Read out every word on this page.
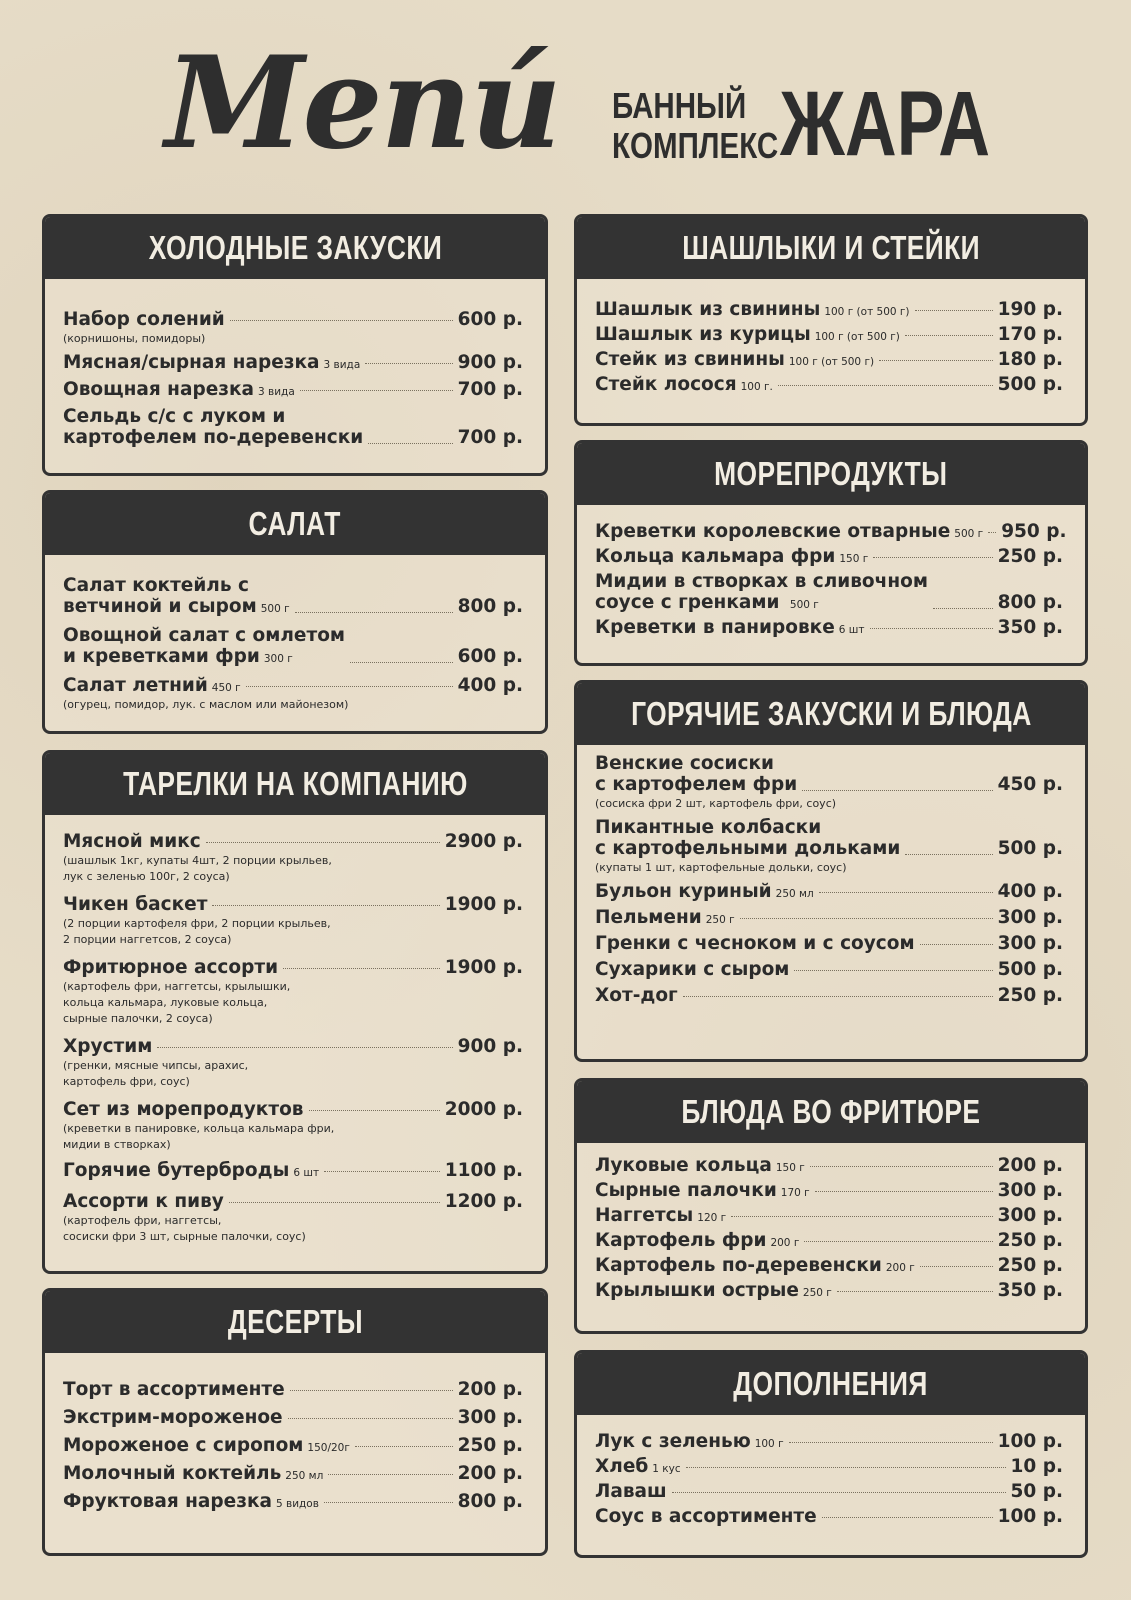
Menú БАННЫЙ
КОМПЛЕКС ЖАРА
ХОЛОДНЫЕ ЗАКУСКИ
Набор солений	600 р.
(корнишоны, помидоры)
Мясная/сырная нарезка 3 вида	900 р.
Овощная нарезка 3 вида	700 р.
Сельдь с/с с луком и
картофелем по-деревенски	700 р.
САЛАТ
Салат коктейль с
ветчиной и сыром 500 г	800 р.
Овощной салат с омлетом
и креветками фри 300 г	600 р.
Салат летний 450 г	400 р.
(огурец, помидор, лук. с маслом или майонезом)
ТАРЕЛКИ НА КОМПАНИЮ
Мясной микс	2900 р.
(шашлык 1кг, купаты 4шт, 2 порции крыльев,
лук с зеленью 100г, 2 соуса)
Чикен баскет	1900 р.
(2 порции картофеля фри, 2 порции крыльев,
2 порции наггетсов, 2 соуса)
Фритюрное ассорти	1900 р.
(картофель фри, наггетсы, крылышки,
кольца кальмара, луковые кольца,
сырные палочки, 2 соуса)
Хрустим	900 р.
(гренки, мясные чипсы, арахис,
картофель фри, соус)
Сет из морепродуктов	2000 р.
(креветки в панировке, кольца кальмара фри,
мидии в створках)
Горячие бутерброды 6 шт	1100 р.
Ассорти к пиву	1200 р.
(картофель фри, наггетсы,
сосиски фри 3 шт, сырные палочки, соус)
ДЕСЕРТЫ
Торт в ассортименте	200 р.
Экстрим-мороженое	300 р.
Мороженое с сиропом 150/20г	250 р.
Молочный коктейль 250 мл	200 р.
Фруктовая нарезка 5 видов	800 р.
ШАШЛЫКИ И СТЕЙКИ
Шашлык из свинины 100 г (от 500 г)	190 р.
Шашлык из курицы 100 г (от 500 г)	170 р.
Стейк из свинины 100 г (от 500 г)	180 р.
Стейк лосося 100 г.	500 р.
МОРЕПРОДУКТЫ
Креветки королевские отварные 500 г 950 р.
Кольца кальмара фри 150 г	250 р.
Мидии в створках в сливочном
соусе с гренками 500 г	800 р.
Креветки в панировке 6 шт	350 р.
ГОРЯЧИЕ ЗАКУСКИ И БЛЮДА
Венские сосиски
с картофелем фри	450 р.
(сосиска фри 2 шт, картофель фри, соус)
Пикантные колбаски
с картофельными дольками	500 р.
(купаты 1 шт, картофельные дольки, соус)
Бульон куриный 250 мл	400 р.
Пельмени 250 г	300 р.
Гренки с чесноком и с соусом	300 р.
Сухарики с сыром	500 р.
Хот-дог	250 р.
БЛЮДА ВО ФРИТЮРЕ
Луковые кольца 150 г	200 р.
Сырные палочки 170 г	300 р.
Наггетсы 120 г	300 р.
Картофель фри 200 г	250 р.
Картофель по-деревенски 200 г	250 р.
Крылышки острые 250 г	350 р.
ДОПОЛНЕНИЯ
Лук с зеленью 100 г	100 р.
Хлеб 1 кус	10 р.
Лаваш	50 р.
Соус в ассортименте	100 р.
